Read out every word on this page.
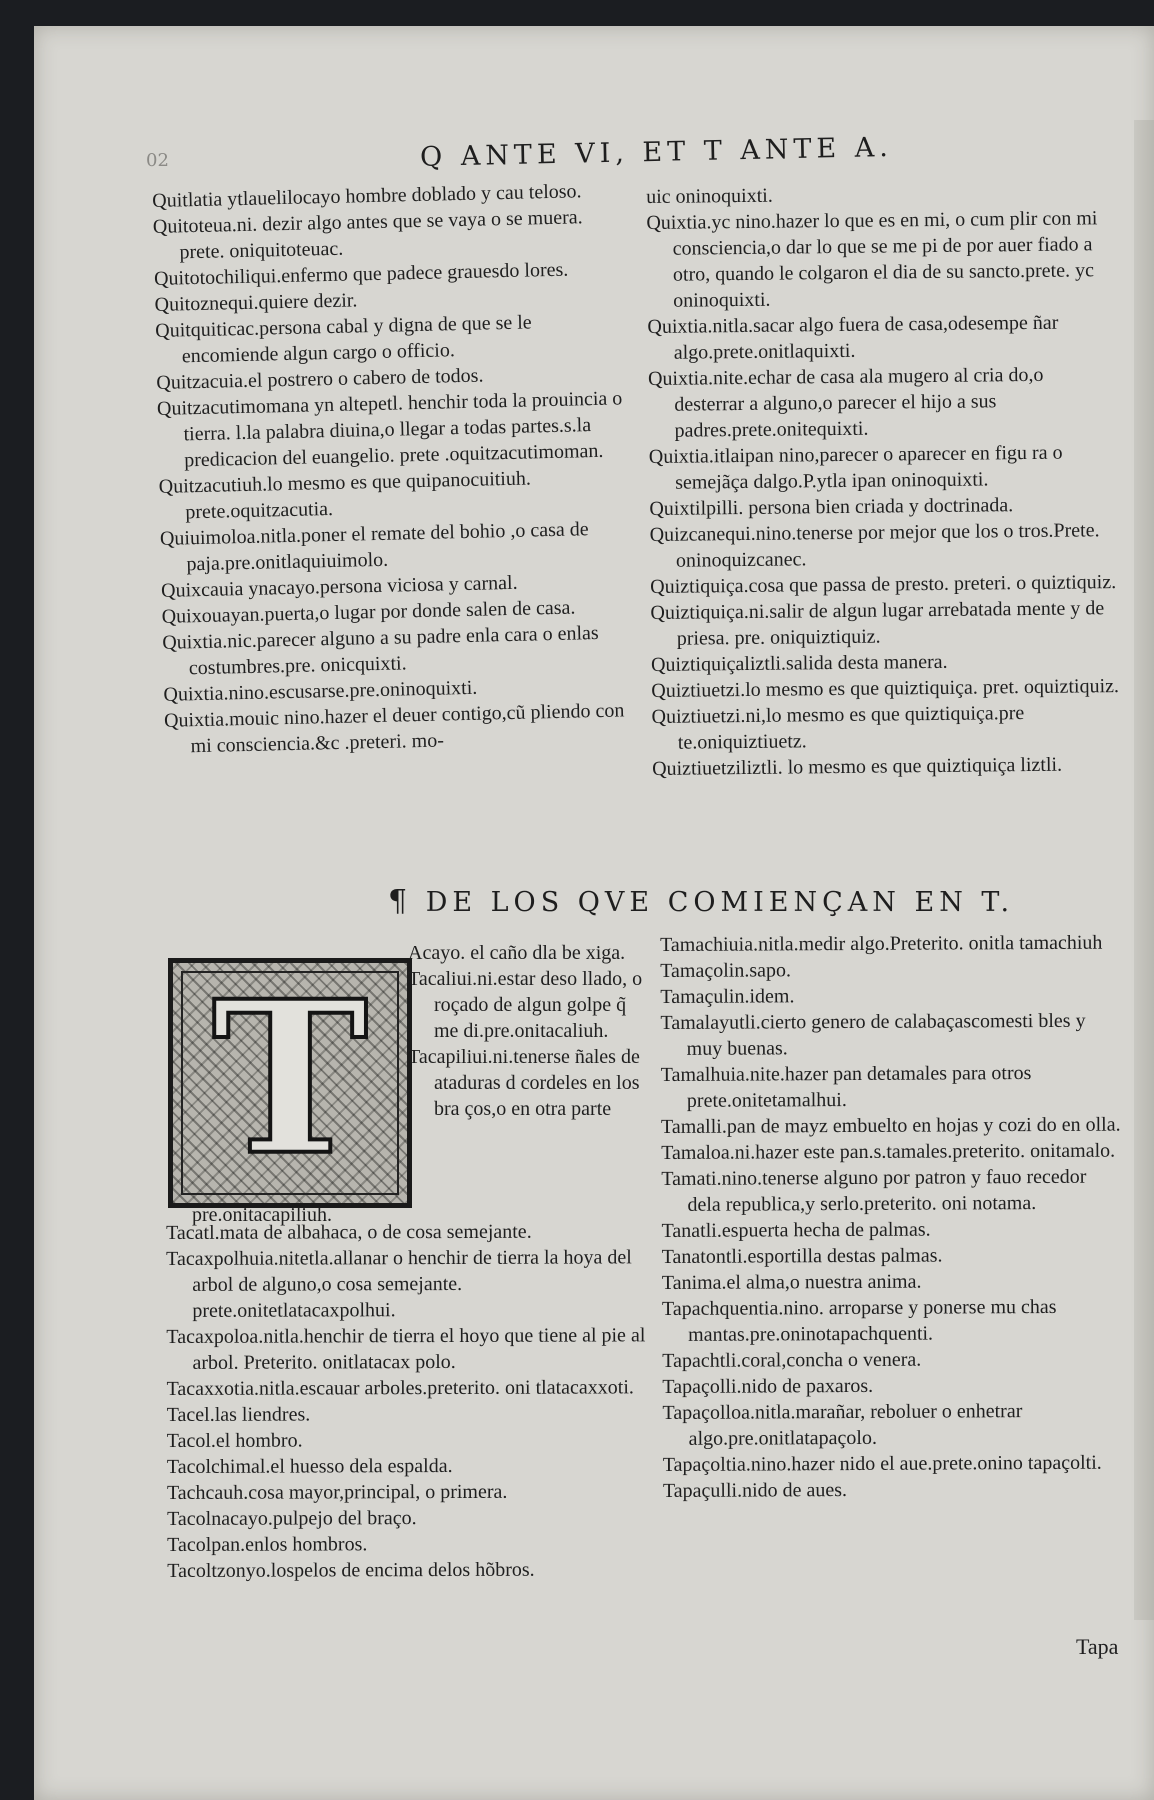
02	Q ANTE VI, ET T ANTE A.

Quitlatia ytlauelilocayo hombre doblado y cau teloso.

Quitoteua.ni. dezir algo antes que se vaya o se muera. prete. oniquitoteuac.

Quitotochiliqui.enfermo que padece grauesdo lores.

Quitoznequi.quiere dezir.

Quitquiticac.persona cabal y digna de que se le encomiende algun cargo o officio.

Quitzacuia.el postrero o cabero de todos.

Quitzacutimomana yn altepetl. henchir toda la prouincia o tierra. l.la palabra diuina,o llegar a todas partes.s.la predicacion del euangelio. prete .oquitzacutimoman.

Quitzacutiuh.lo mesmo es que quipanocuitiuh. prete.oquitzacutia.

Quiuimoloa.nitla.poner el remate del bohio ,o casa de paja.pre.onitlaquiuimolo.

Quixcauia ynacayo.persona viciosa y carnal.

Quixouayan.puerta,o lugar por donde salen de casa.

Quixtia.nic.parecer alguno a su padre enla cara o enlas costumbres.pre. onicquixti.

Quixtia.nino.escusarse.pre.oninoquixti.

Quixtia.mouic nino.hazer el deuer contigo,cũ pliendo con mi consciencia.&c .preteri. mo-

uic oninoquixti.

Quixtia.yc nino.hazer lo que es en mi, o cum plir con mi consciencia,o dar lo que se me pi de por auer fiado a otro, quando le colgaron el dia de su sancto.prete. yc oninoquixti.

Quixtia.nitla.sacar algo fuera de casa,odesempe ñar algo.prete.onitlaquixti.

Quixtia.nite.echar de casa ala mugero al cria do,o desterrar a alguno,o parecer el hijo a sus padres.prete.onitequixti.

Quixtia.itlaipan nino,parecer o aparecer en figu ra o semejãça dalgo.P.ytla ipan oninoquixti.

Quixtilpilli. persona bien criada y doctrinada.

Quizcanequi.nino.tenerse por mejor que los o tros.Prete. oninoquizcanec.

Quiztiquiça.cosa que passa de presto. preteri. o quiztiquiz.

Quiztiquiça.ni.salir de algun lugar arrebatada mente y de priesa. pre. oniquiztiquiz.

Quiztiquiçaliztli.salida desta manera.

Quiztiuetzi.lo mesmo es que quiztiquiça. pret. oquiztiquiz.

Quiztiuetzi.ni,lo mesmo es que quiztiquiça.pre te.oniquiztiuetz.

Quiztiuetziliztli. lo mesmo es que quiztiquiça liztli.

¶ DE LOS QVE COMIENÇAN EN T.
T

Acayo. el caño dla be xiga.

Tacaliui.ni.estar deso llado, o roçado de algun golpe q̃ me di.pre.onitacaliuh.

Tacapiliui.ni.tenerse ñales de ataduras d cordeles en los bra ços,o en otra parte

pre.onitacapiliuh.

Tacatl.mata de albahaca, o de cosa semejante.

Tacaxpolhuia.nitetla.allanar o henchir de tierra la hoya del arbol de alguno,o cosa semejante. prete.onitetlatacaxpolhui.

Tacaxpoloa.nitla.henchir de tierra el hoyo que tiene al pie al arbol. Preterito. onitlatacax polo.

Tacaxxotia.nitla.escauar arboles.preterito. oni tlatacaxxoti.

Tacel.las liendres.

Tacol.el hombro.

Tacolchimal.el huesso dela espalda.

Tachcauh.cosa mayor,principal, o primera.

Tacolnacayo.pulpejo del braço.

Tacolpan.enlos hombros.

Tacoltzonyo.lospelos de encima delos hõbros.

Tamachiuia.nitla.medir algo.Preterito. onitla tamachiuh

Tamaçolin.sapo.

Tamaçulin.idem.

Tamalayutli.cierto genero de calabaçascomesti bles y muy buenas.

Tamalhuia.nite.hazer pan detamales para otros prete.onitetamalhui.

Tamalli.pan de mayz embuelto en hojas y cozi do en olla.

Tamaloa.ni.hazer este pan.s.tamales.preterito. onitamalo.

Tamati.nino.tenerse alguno por patron y fauo recedor dela republica,y serlo.preterito. oni notama.

Tanatli.espuerta hecha de palmas.

Tanatontli.esportilla destas palmas.

Tanima.el alma,o nuestra anima.

Tapachquentia.nino. arroparse y ponerse mu chas mantas.pre.oninotapachquenti.

Tapachtli.coral,concha o venera.

Tapaçolli.nido de paxaros.

Tapaçolloa.nitla.marañar, reboluer o enhetrar algo.pre.onitlatapaçolo.

Tapaçoltia.nino.hazer nido el aue.prete.onino tapaçolti.

Tapaçulli.nido de aues.

Tapa
